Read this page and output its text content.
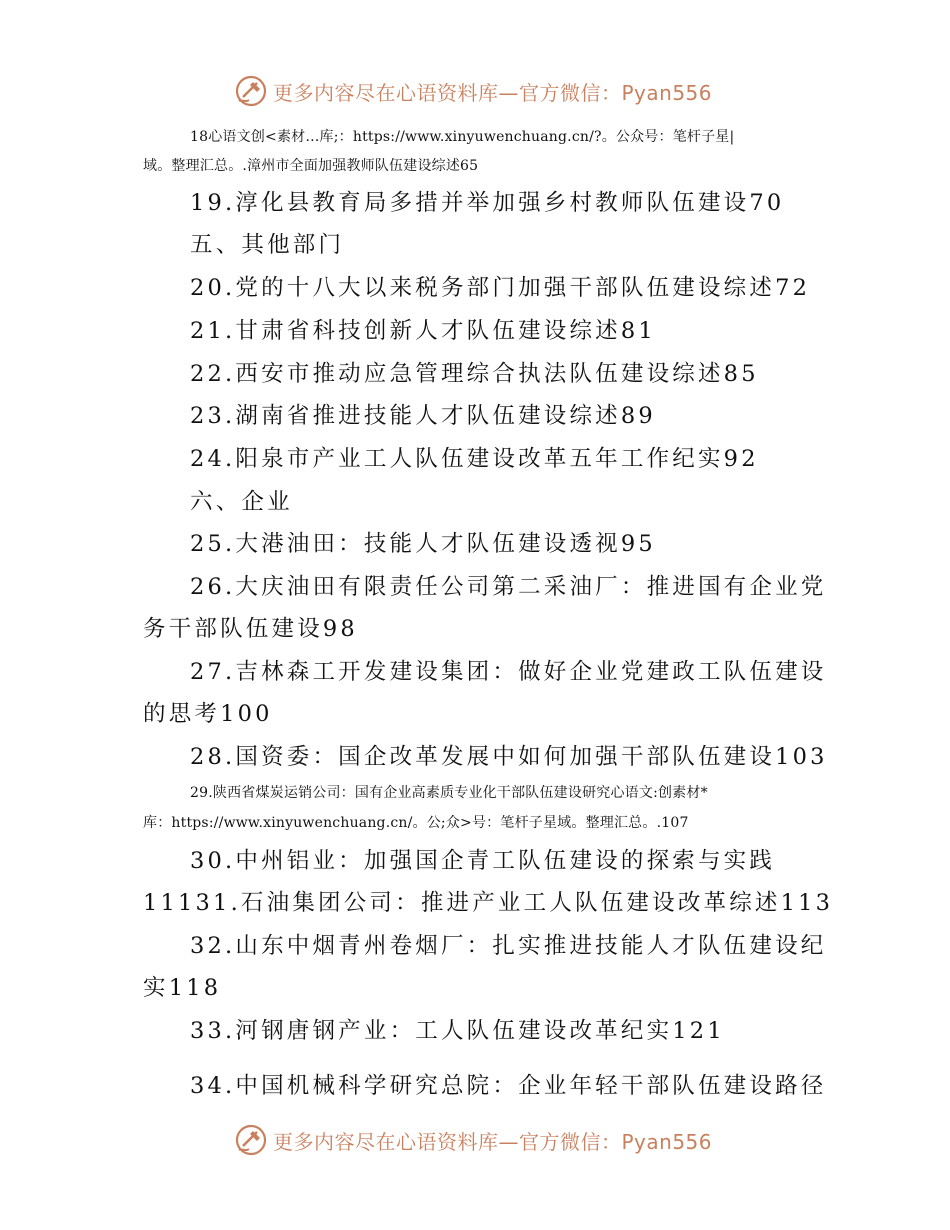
更多内容尽在心语资料库—官方微信：Pyan556
18心语文创<素材…库;：https://www.xinyuwenchuang.cn/?。公众号：笔杆子星|
域。整理汇总。.漳州市全面加强教师队伍建设综述65
19.淳化县教育局多措并举加强乡村教师队伍建设70
五、其他部门
20.党的十八大以来税务部门加强干部队伍建设综述72
21.甘肃省科技创新人才队伍建设综述81
22.西安市推动应急管理综合执法队伍建设综述85
23.湖南省推进技能人才队伍建设综述89
24.阳泉市产业工人队伍建设改革五年工作纪实92
六、企业
25.大港油田：技能人才队伍建设透视95
26.大庆油田有限责任公司第二采油厂：推进国有企业党
务干部队伍建设98
27.吉林森工开发建设集团：做好企业党建政工队伍建设
的思考100
28.国资委：国企改革发展中如何加强干部队伍建设103
29.陕西省煤炭运销公司：国有企业高素质专业化干部队伍建设研究心语文:创素材*
库：https://www.xinyuwenchuang.cn/。公;众>号：笔杆子星域。整理汇总。.107
30.中州铝业：加强国企青工队伍建设的探索与实践
11131.石油集团公司：推进产业工人队伍建设改革综述113
32.山东中烟青州卷烟厂：扎实推进技能人才队伍建设纪
实118
33.河钢唐钢产业：工人队伍建设改革纪实121
34.中国机械科学研究总院：企业年轻干部队伍建设路径
更多内容尽在心语资料库—官方微信：Pyan556
